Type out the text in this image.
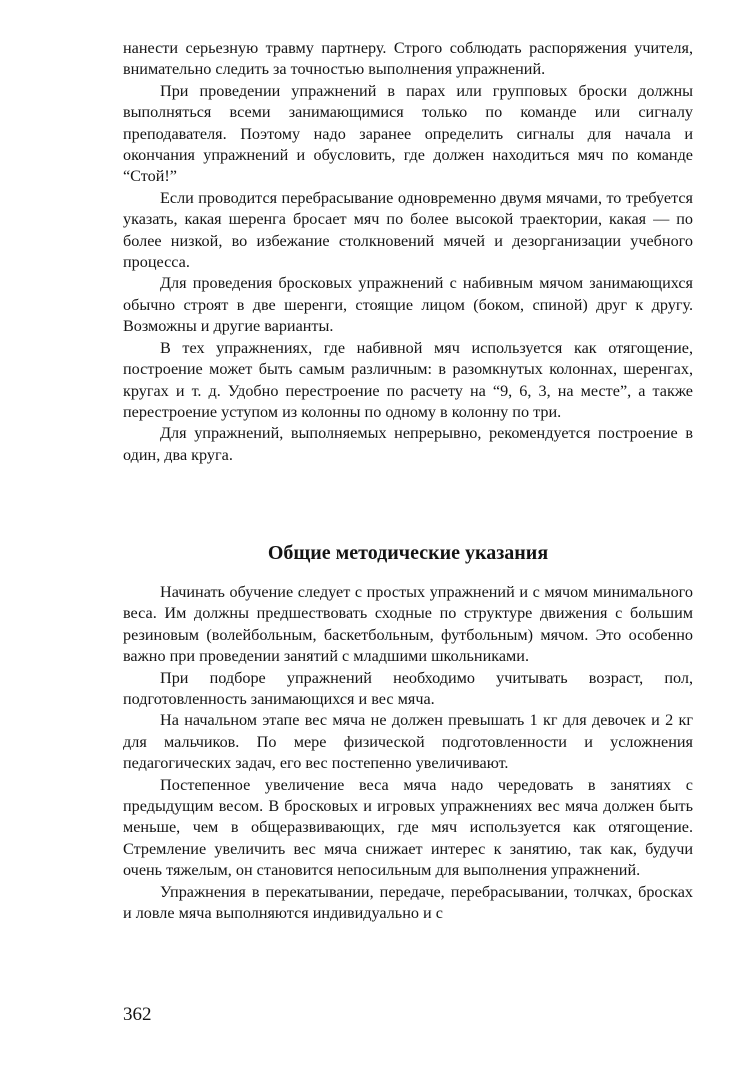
нанести серьезную травму партнеру. Строго соблюдать распоряжения учителя, внимательно следить за точностью выполнения упражнений.

При проведении упражнений в парах или групповых броски должны выполняться всеми занимающимися только по команде или сигналу преподавателя. Поэтому надо заранее определить сигналы для начала и окончания упражнений и обусловить, где должен находиться мяч по команде “Стой!”

Если проводится перебрасывание одновременно двумя мячами, то требуется указать, какая шеренга бросает мяч по более высокой траектории, какая — по более низкой, во избежание столкновений мячей и дезорганизации учебного процесса.

Для проведения бросковых упражнений с набивным мячом занимающихся обычно строят в две шеренги, стоящие лицом (боком, спиной) друг к другу. Возможны и другие варианты.

В тех упражнениях, где набивной мяч используется как отягощение, построение может быть самым различным: в разомкнутых колоннах, шеренгах, кругах и т. д. Удобно перестроение по расчету на “9, 6, 3, на месте”, а также перестроение уступом из колонны по одному в колонну по три.

Для упражнений, выполняемых непрерывно, рекомендуется построение в один, два круга.

Общие методические указания

Начинать обучение следует с простых упражнений и с мячом минимального веса. Им должны предшествовать сходные по структуре движения с большим резиновым (волейбольным, баскетбольным, футбольным) мячом. Это особенно важно при проведении занятий с младшими школьниками.

При подборе упражнений необходимо учитывать возраст, пол, подготовленность занимающихся и вес мяча.

На начальном этапе вес мяча не должен превышать 1 кг для девочек и 2 кг для мальчиков. По мере физической подготовленности и усложнения педагогических задач, его вес постепенно увеличивают.

Постепенное увеличение веса мяча надо чередовать в занятиях с предыдущим весом. В бросковых и игровых упражнениях вес мяча должен быть меньше, чем в общеразвивающих, где мяч используется как отягощение. Стремление увеличить вес мяча снижает интерес к занятию, так как, будучи очень тяжелым, он становится непосильным для выполнения упражнений.

Упражнения в перекатывании, передаче, перебрасывании, толчках, бросках и ловле мяча выполняются индивидуально и с

362
